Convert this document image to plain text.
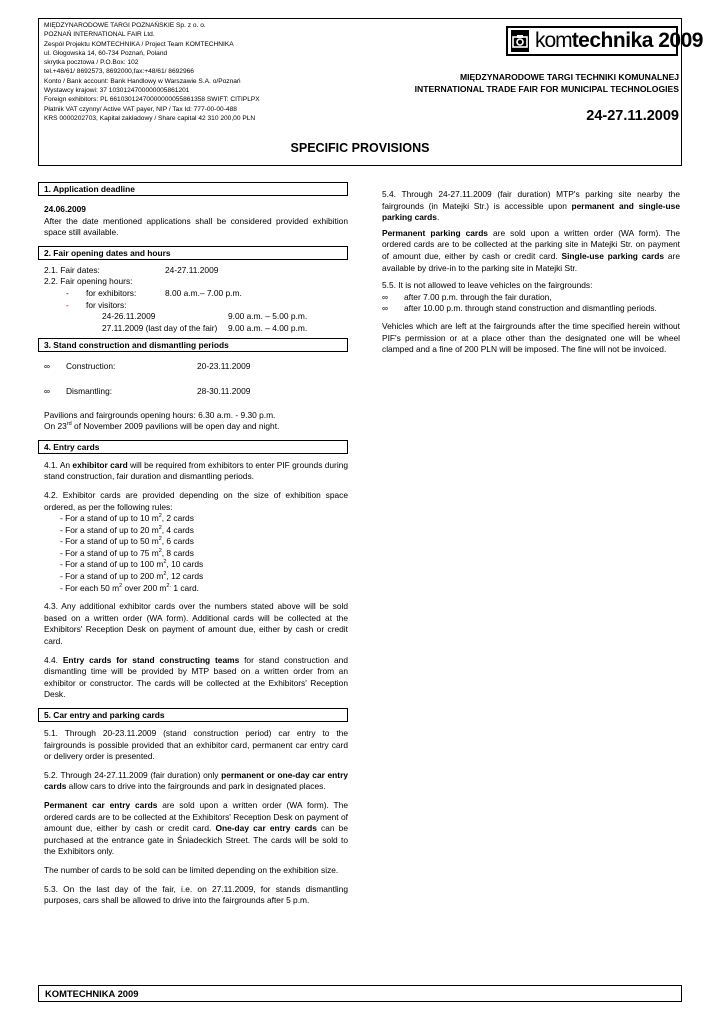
MIĘDZYNARODOWE TARGI POZNAŃSKIE Sp. z o. o.
POZNAŃ INTERNATIONAL FAIR Ltd.
Zespół Projektu KOMTECHNIKA / Project Team KOMTECHNIKA
ul. Głogowska 14, 60-734 Poznań, Poland
skrytka pocztowa / P.O.Box: 102
tel.+48/61/ 8692573, 8692000,fax:+48/61/ 8692966
Konto / Bank account: Bank Handlowy w Warszawie S.A. o/Poznań
Wystawcy krajowi: 37 1030124700000005861201
Foreign exhibitors: PL 66103012470000000055861358 SWIFT: CITIPLPX
Płatnik VAT czynny/ Active VAT payer, NIP / Tax Id: 777-00-00-488
KRS 0000202703, Kapitał zakładowy / Share capital 42 310 200,00 PLN
komtechnika 2009
MIĘDZYNARODOWE TARGI TECHNIKI KOMUNALNEJ
INTERNATIONAL TRADE FAIR FOR MUNICIPAL TECHNOLOGIES
24-27.11.2009
SPECIFIC PROVISIONS
1. Application deadline

24.06.2009

After the date mentioned applications shall be considered provided exhibition space still available.

2. Fair opening dates and hours
2.1. Fair dates:	24-27.11.2009
2.2. Fair opening hours:
- for exhibitors:	8.00 a.m.– 7.00 p.m.
- for visitors:
24-26.11.2009	9.00 a.m. – 5.00 p.m.
27.11.2009 (last day of the fair) 9.00 a.m. – 4.00 p.m.
3. Stand construction and dismantling periods
∞ Construction:	20-23.11.2009
∞ Dismantling:	28-30.11.2009

Pavilions and fairgrounds opening hours: 6.30 a.m. - 9.30 p.m.

On 23rd of November 2009 pavilions will be open day and night.

4. Entry cards

4.1. An exhibitor card will be required from exhibitors to enter PIF grounds during stand construction, fair duration and dismantling periods.

4.2. Exhibitor cards are provided depending on the size of exhibition space ordered, as per the following rules:

- For a stand of up to 10 $m^2$, 2 cards
- For a stand of up to 20 $m^2$, 4 cards
- For a stand of up to 50 $m^2$, 6 cards
- For a stand of up to 75 $m^2$, 8 cards
- For a stand of up to 100 $m^2$, 10 cards
- For a stand of up to 200 $m^2$, 12 cards
- For each 50 $m^2$ over 200 $m^{2.}$ 1 card.

4.3. Any additional exhibitor cards over the numbers stated above will be sold based on a written order (WA form). Additional cards will be collected at the Exhibitors' Reception Desk on payment of amount due, either by cash or credit card.

4.4. Entry cards for stand constructing teams for stand construction and dismantling time will be provided by MTP based on a written order from an exhibitor or constructor. The cards will be collected at the Exhibitors' Reception Desk.

5. Car entry and parking cards

5.1. Through 20-23.11.2009 (stand construction period) car entry to the fairgrounds is possible provided that an exhibitor card, permanent car entry card or delivery order is presented.

5.2. Through 24-27.11.2009 (fair duration) only permanent or one-day car entry cards allow cars to drive into the fairgrounds and park in designated places.

Permanent car entry cards are sold upon a written order (WA form). The ordered cards are to be collected at the Exhibitors' Reception Desk on payment of amount due, either by cash or credit card. One-day car entry cards can be purchased at the entrance gate in Śniadeckich Street. The cards will be sold to the Exhibitors only.

The number of cards to be sold can be limited depending on the exhibition size.

5.3. On the last day of the fair, i.e. on 27.11.2009, for stands dismantling purposes, cars shall be allowed to drive into the fairgrounds after 5 p.m.

5.4. Through 24-27.11.2009 (fair duration) MTP's parking site nearby the fairgrounds (in Matejki Str.) is accessible upon permanent and single-use parking cards.

Permanent parking cards are sold upon a written order (WA form). The ordered cards are to be collected at the parking site in Matejki Str. on payment of amount due, either by cash or credit card. Single-use parking cards are available by drive-in to the parking site in Matejki Str.

5.5. It is not allowed to leave vehicles on the fairgrounds:

∞ after 7.00 p.m. through the fair duration,
∞ after 10.00 p.m. through stand construction and dismantling periods.

Vehicles which are left at the fairgrounds after the time specified herein without PIF's permission or at a place other than the designated one will be wheel clamped and a fine of 200 PLN will be imposed. The fine will not be invoiced.

KOMTECHNIKA 2009
